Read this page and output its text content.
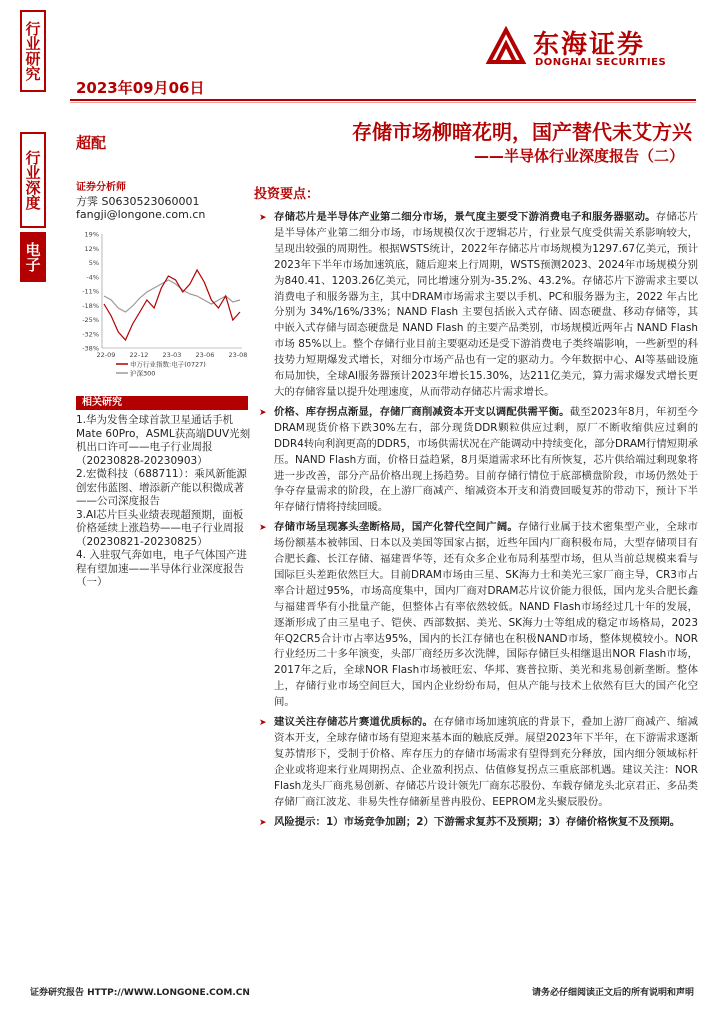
行业研究
行业深度
电子
东海证券
DONGHAI SECURITIES
2023年09月06日
超配	存储市场柳暗花明，国产替代未艾方兴
——半导体行业深度报告（二）
证券分析师
方霁 S0630523060001
fangji@longone.com.cn
19%
12%
5%
-4%
-11%
-18%
-25%
-32%
-38%
22-09 22-12 23-03 23-06 23-08
申万行业指数:电子(0727)
沪深300
相关研究

1.华为发售全球首款卫星通话手机Mate 60Pro，ASML获高端DUV光刻机出口许可——电子行业周报（20230828-20230903）

2.宏微科技（688711）：乘风新能源创宏伟蓝图、增添新产能以积微成著——公司深度报告

3.AI芯片巨头业绩表现超预期，面板价格延续上涨趋势——电子行业周报（20230821-20230825）

4. 入驻驭气奔如电，电子气体国产进程有望加速——半导体行业深度报告（一）

投资要点：
➤ 存储芯片是半导体产业第二细分市场，景气度主要受下游消费电子和服务器驱动。存储芯片是半导体产业第二细分市场，市场规模仅次于逻辑芯片，行业景气度受供需关系影响较大，呈现出较强的周期性。根据WSTS统计，2022年存储芯片市场规模为1297.67亿美元，预计2023年下半年市场加速筑底，随后迎来上行周期，WSTS预测2023、2024年市场规模分别为840.41、1203.26亿美元，同比增速分别为-35.2%、43.2%。存储芯片下游需求主要以消费电子和服务器为主，其中DRAM市场需求主要以手机、PC和服务器为主，2022 年占比分别为 34%/16%/33%；NAND Flash 主要包括嵌入式存储、固态硬盘、移动存储等，其中嵌入式存储与固态硬盘是 NAND Flash 的主要产品类别，市场规模近两年占 NAND Flash 市场 85%以上。整个存储行业目前主要驱动还是受下游消费电子类终端影响，一些新型的科技势力短期爆发式增长，对细分市场产品也有一定的驱动力。今年数据中心、AI等基础设施布局加快，全球AI服务器预计2023年增长15.30%，达211亿美元，算力需求爆发式增长更大的存储容量以提升处理速度，从而带动存储芯片需求增长。
➤ 价格、库存拐点渐显，存储厂商削减资本开支以调配供需平衡。截至2023年8月，年初至今DRAM现货价格下跌30%左右，部分现货DDR颗粒供应过剩，原厂不断收缩供应过剩的DDR4转向利润更高的DDR5，市场供需状况在产能调动中持续变化，部分DRAM行情短期承压。NAND Flash方面，价格日益趋紧，8月渠道需求环比有所恢复，芯片供给端过剩现象将进一步改善，部分产品价格出现上扬趋势。目前存储行情位于底部横盘阶段，市场仍然处于争夺存量需求的阶段，在上游厂商减产、缩减资本开支和消费回暖复苏的带动下，预计下半年存储行情将持续回暖。
➤ 存储市场呈现寡头垄断格局，国产化替代空间广阔。存储行业属于技术密集型产业，全球市场份额基本被韩国、日本以及美国等国家占据，近些年国内厂商积极布局，大型存储项目有合肥长鑫、长江存储、福建晋华等，还有众多企业布局利基型市场，但从当前总规模来看与国际巨头差距依然巨大。目前DRAM市场由三星、SK海力士和美光三家厂商主导，CR3市占率合计超过95%，市场高度集中，国内厂商对DRAM芯片议价能力很低，国内龙头合肥长鑫与福建晋华有小批量产能，但整体占有率依然较低。NAND Flash市场经过几十年的发展，逐渐形成了由三星电子、铠侠、西部数据、美光、SK海力士等组成的稳定市场格局，2023年Q2CR5合计市占率达95%，国内的长江存储也在积极NAND市场，整体规模较小。NOR行业经历二十多年演变，头部厂商经历多次洗牌，国际存储巨头相继退出NOR Flash市场，2017年之后，全球NOR Flash市场被旺宏、华邦、赛普拉斯、美光和兆易创新垄断。整体上，存储行业市场空间巨大，国内企业纷纷布局，但从产能与技术上依然有巨大的国产化空间。
➤ 建议关注存储芯片赛道优质标的。在存储市场加速筑底的背景下，叠加上游厂商减产、缩减资本开支，全球存储市场有望迎来基本面的触底反弹。展望2023年下半年，在下游需求逐渐复苏情形下，受制于价格、库存压力的存储市场需求有望得到充分释放，国内细分领域标杆企业或将迎来行业周期拐点、企业盈利拐点、估值修复拐点三重底部机遇。建议关注：NOR Flash龙头厂商兆易创新、存储芯片设计领先厂商东芯股份、车载存储龙头北京君正、多品类存储厂商江波龙、非易失性存储新星普冉股份、EEPROM龙头聚辰股份。
➤ 风险提示：1）市场竞争加剧；2）下游需求复苏不及预期；3）存储价格恢复不及预期。
证券研究报告 HTTP://WWW.LONGONE.COM.CN	请务必仔细阅读正文后的所有说明和声明
